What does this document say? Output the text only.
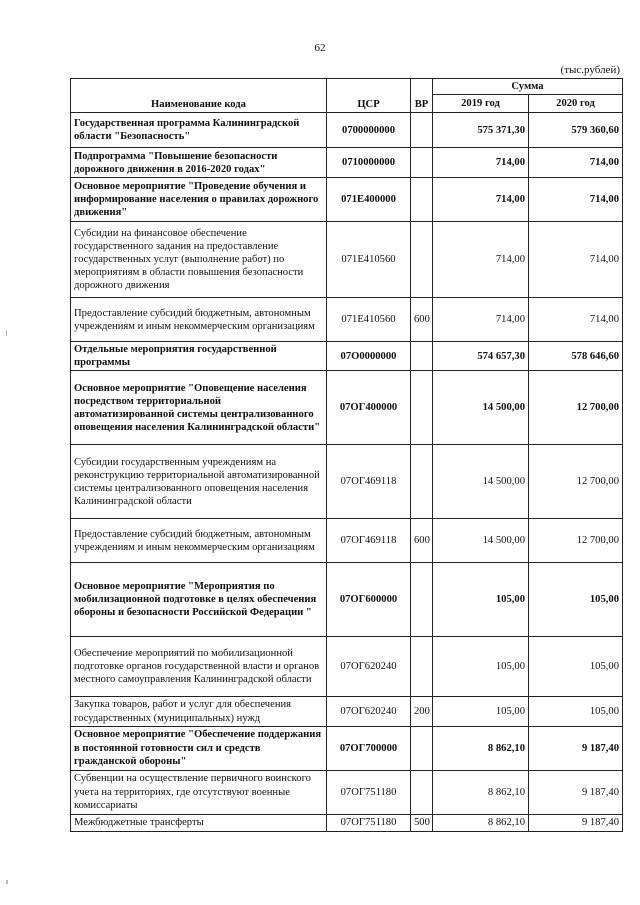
62
(тыс.рублей)
Наименование кода	ЦСР	ВР	Сумма	
			2019 год	2020 год
Государственная программа Калининградской области "Безопасность"	0700000000		575 371,30	579 360,60
Подпрограмма "Повышение безопасности дорожного движения в 2016-2020 годах"	0710000000		714,00	714,00
Основное мероприятие "Проведение обучения и информирование населения о правилах дорожного движения"	071E400000		714,00	714,00
Субсидии на финансовое обеспечение государственного задания на предоставление государственных услуг (выполнение работ) по мероприятиям в области повышения безопасности дорожного движения	071E410560		714,00	714,00
Предоставление субсидий бюджетным, автономным учреждениям и иным некоммерческим организациям	071E410560	600	714,00	714,00
Отдельные мероприятия государственной программы	07О0000000		574 657,30	578 646,60
Основное мероприятие "Оповещение населения посредством территориальной автоматизированной системы централизованного оповещения населения Калининградской области"	07ОГ400000		14 500,00	12 700,00
Субсидии государственным учреждениям на реконструкцию территориальной автоматизированной системы централизованного оповещения населения Калининградской области	07ОГ469118		14 500,00	12 700,00
Предоставление субсидий бюджетным, автономным учреждениям и иным некоммерческим организациям	07ОГ469118	600	14 500,00	12 700,00
Основное мероприятие "Мероприятия по мобилизационной подготовке в целях обеспечения обороны и безопасности Российской Федерации "	07ОГ600000		105,00	105,00
Обеспечение мероприятий по мобилизационной подготовке органов государственной власти и органов местного самоуправления Калининградской области	07ОГ620240		105,00	105,00
Закупка товаров, работ и услуг для обеспечения государственных (муниципальных) нужд	07ОГ620240	200	105,00	105,00
Основное мероприятие "Обеспечение поддержания в постоянной готовности сил и средств гражданской обороны"	07ОГ700000		8 862,10	9 187,40
Субвенции на осуществление первичного воинского учета на территориях, где отсутствуют военные комиссариаты	07ОГ751180		8 862,10	9 187,40
Межбюджетные трансферты	07ОГ751180	500	8 862,10	9 187,40
